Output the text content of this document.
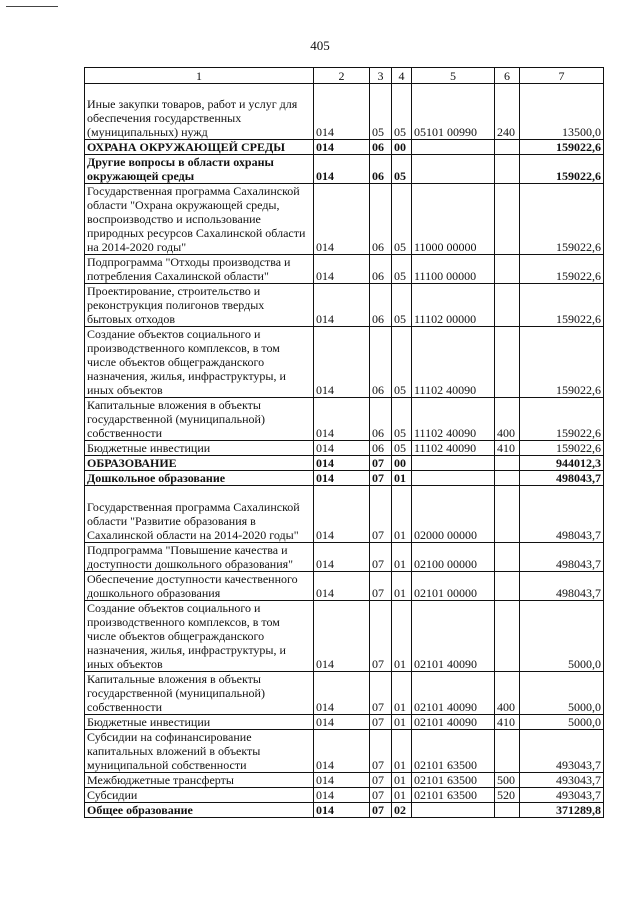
405
1	2	3	4	5	6	7
Иные закупки товаров, работ и услуг для обеспечения государственных (муниципальных) нужд	014	05	05	05101 00990	240	13500,0
ОХРАНА ОКРУЖАЮЩЕЙ СРЕДЫ	014	06	00			159022,6
Другие вопросы в области охраны окружающей среды	014	06	05			159022,6
Государственная программа Сахалинской области "Охрана окружающей среды, воспроизводство и использование природных ресурсов Сахалинской области на 2014-2020 годы"	014	06	05	11000 00000		159022,6
Подпрограмма "Отходы производства и потребления Сахалинской области"	014	06	05	11100 00000		159022,6
Проектирование, строительство и реконструкция полигонов твердых бытовых отходов	014	06	05	11102 00000		159022,6
Создание объектов социального и производственного комплексов, в том числе объектов общегражданского назначения, жилья, инфраструктуры, и иных объектов	014	06	05	11102 40090		159022,6
Капитальные вложения в объекты государственной (муниципальной) собственности	014	06	05	11102 40090	400	159022,6
Бюджетные инвестиции	014	06	05	11102 40090	410	159022,6
ОБРАЗОВАНИЕ	014	07	00			944012,3
Дошкольное образование	014	07	01			498043,7
Государственная программа Сахалинской области "Развитие образования в Сахалинской области на 2014-2020 годы"	014	07	01	02000 00000		498043,7
Подпрограмма "Повышение качества и доступности дошкольного образования"	014	07	01	02100 00000		498043,7
Обеспечение доступности качественного дошкольного образования	014	07	01	02101 00000		498043,7
Создание объектов социального и производственного комплексов, в том числе объектов общегражданского назначения, жилья, инфраструктуры, и иных объектов	014	07	01	02101 40090		5000,0
Капитальные вложения в объекты государственной (муниципальной) собственности	014	07	01	02101 40090	400	5000,0
Бюджетные инвестиции	014	07	01	02101 40090	410	5000,0
Субсидии на софинансирование капитальных вложений в объекты муниципальной собственности	014	07	01	02101 63500		493043,7
Межбюджетные трансферты	014	07	01	02101 63500	500	493043,7
Субсидии	014	07	01	02101 63500	520	493043,7
Общее образование	014	07	02			371289,8
